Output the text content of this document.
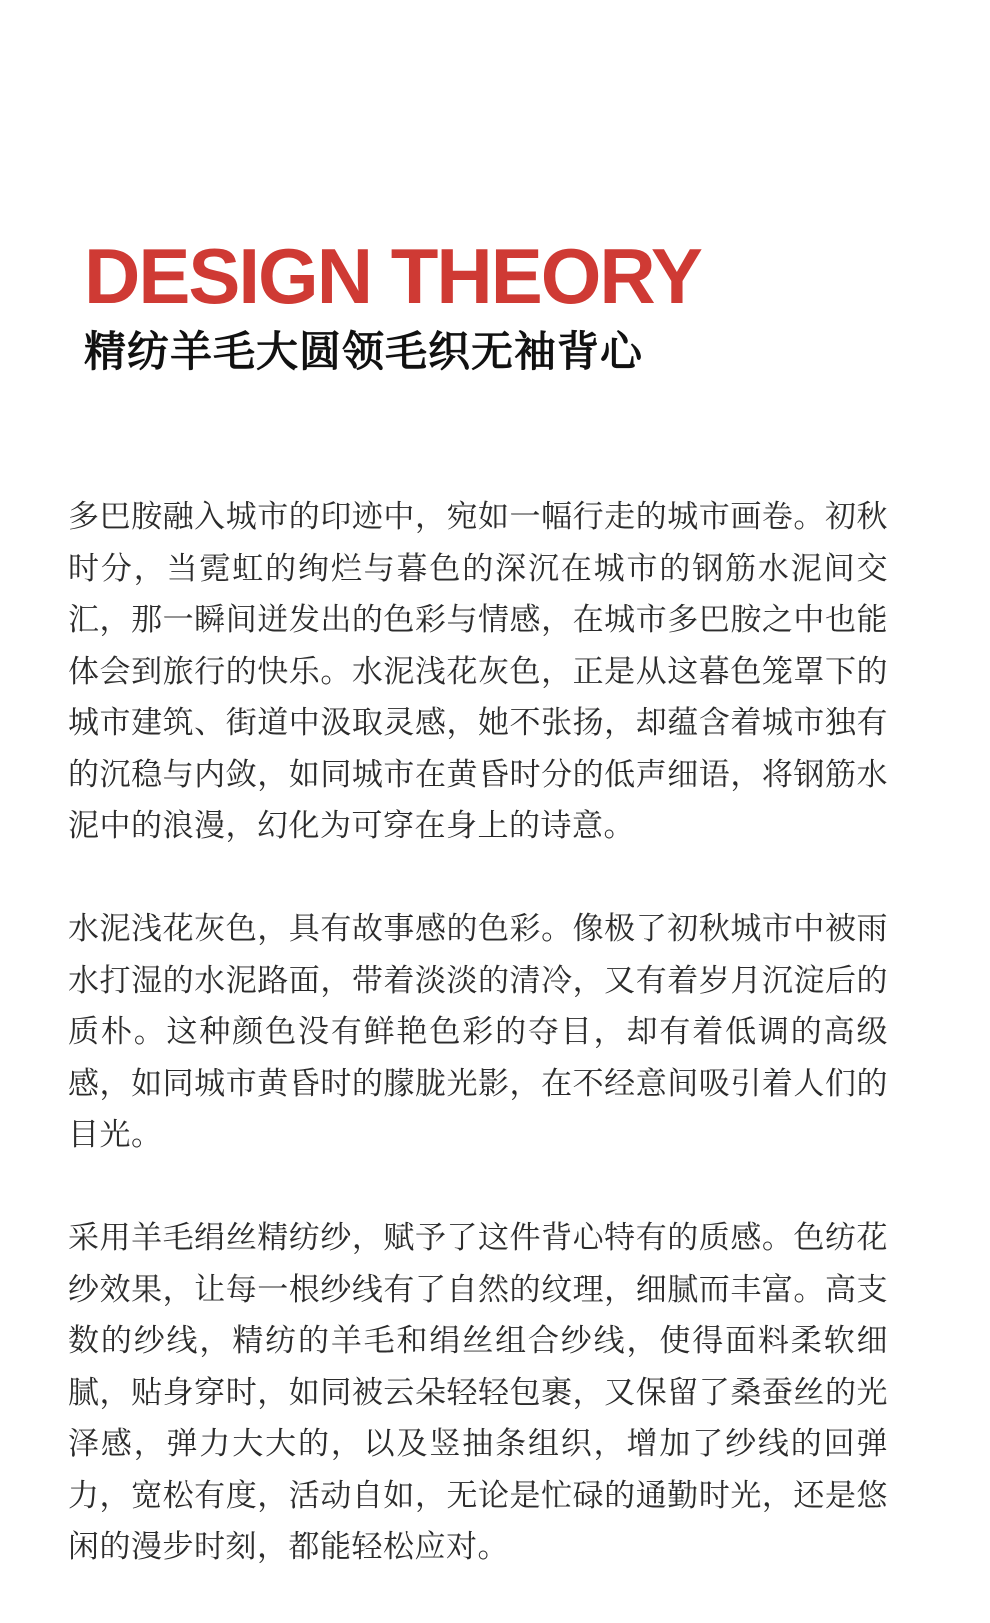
DESIGN THEORY
精纺羊毛大圆领毛织无袖背心

多巴胺融入城市的印迹中，宛如一幅行走的城市画卷。初秋时分，当霓虹的绚烂与暮色的深沉在城市的钢筋水泥间交汇，那一瞬间迸发出的色彩与情感，在城市多巴胺之中也能体会到旅行的快乐。水泥浅花灰色，正是从这暮色笼罩下的城市建筑、街道中汲取灵感，她不张扬，却蕴含着城市独有的沉稳与内敛，如同城市在黄昏时分的低声细语，将钢筋水泥中的浪漫，幻化为可穿在身上的诗意。

水泥浅花灰色，具有故事感的色彩。像极了初秋城市中被雨水打湿的水泥路面，带着淡淡的清冷，又有着岁月沉淀后的质朴。这种颜色没有鲜艳色彩的夺目，却有着低调的高级感，如同城市黄昏时的朦胧光影，在不经意间吸引着人们的目光。

采用羊毛绢丝精纺纱，赋予了这件背心特有的质感。色纺花纱效果，让每一根纱线有了自然的纹理，细腻而丰富。高支数的纱线，精纺的羊毛和绢丝组合纱线，使得面料柔软细腻，贴身穿时，如同被云朵轻轻包裹，又保留了桑蚕丝的光泽感，弹力大大的，以及竖抽条组织，增加了纱线的回弹力，宽松有度，活动自如，无论是忙碌的通勤时光，还是悠闲的漫步时刻，都能轻松应对。
